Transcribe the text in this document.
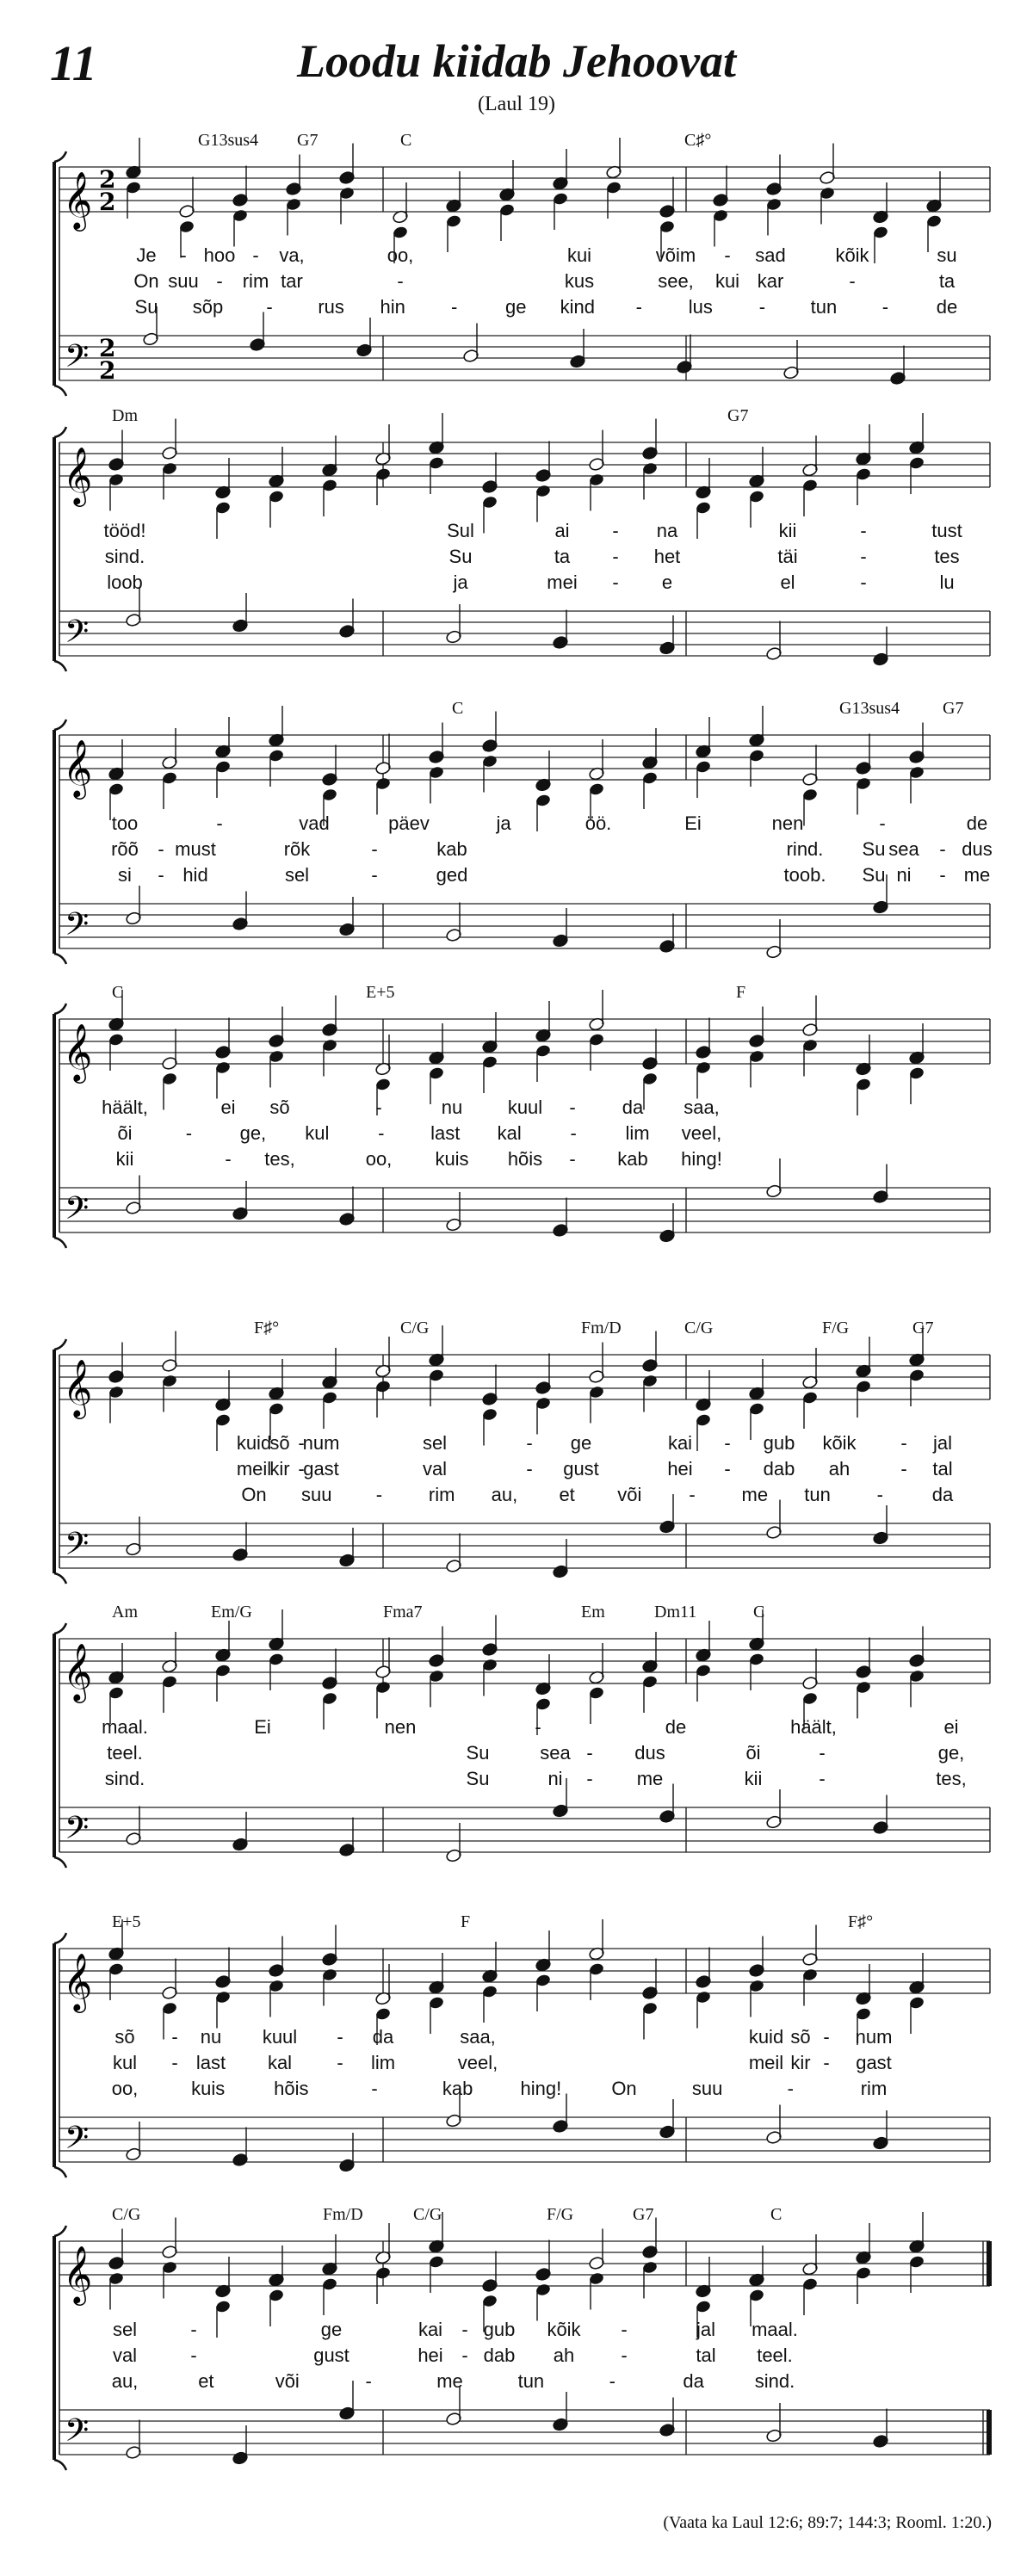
11	Loodu kiidab Jehoovat
(Laul 19)
𝄞
𝄢
2
2
2
2
G13sus4 G7	C	C♯°
Je - hoo - va,	oo,	kui	võim - sad	kõik	su
On suu - rim tar	-	kus	see, kui kar	-	ta
Su sõp - rus hin -	ge kind - lus - tun -	de
𝄞
𝄢
Dm	G7
tööd!	Sul	ai - na	kii	-	tust
sind.	Su	ta - het	täi	-	tes
loob	ja	mei - e	el	-	lu
𝄞
𝄢
C	G13sus4 G7
too	-	vad	päev	ja	öö.	Ei	nen	-	de
rõõ - must	rõk	-	kab	rind. Su sea - dus
si - hid	sel	-	ged	toob. Su ni - me
𝄞
𝄢
C	E+5	F
häält,	ei sõ	-	nu kuul - da saa,
õi	-	ge, kul	- last kal	-	lim veel,
kii	- tes,	oo, kuis hõis - kab hing!
𝄞
𝄢
F♯°	C/G	Fm/D	C/G	F/G	G7
kuid
sõ -
num	sel	- ge	kai - gub kõik - jal
meil
kir -
gast	val	- gust	hei - dab ah	- tal
On suu - rim au, et või - me tun -	da
𝄞
𝄢
Am	Em/G	Fma7	Em	Dm11	C
maal.	Ei	nen	-	de	häält,	ei
teel.	Su	sea - dus	õi	-	ge,
sind.	Su	ni - me	kii	-	tes,
𝄞
𝄢
E+5	F	F♯°
sõ - nu kuul - da	saa,	kuid sõ - num
kul - last kal - lim	veel,	meil kir - gast
oo,	kuis	hõis	-	kab	hing!	On	suu	-	rim
𝄞
𝄢
C/G	Fm/D	C/G	F/G	G7	C
sel	-	ge	kai - gub kõik -	jal maal.
val	-	gust	hei - dab ah -	tal teel.
au,	et	või	-	me	tun	-	da	sind.
(Vaata ka Laul 12:6; 89:7; 144:3; Rooml. 1:20.)
